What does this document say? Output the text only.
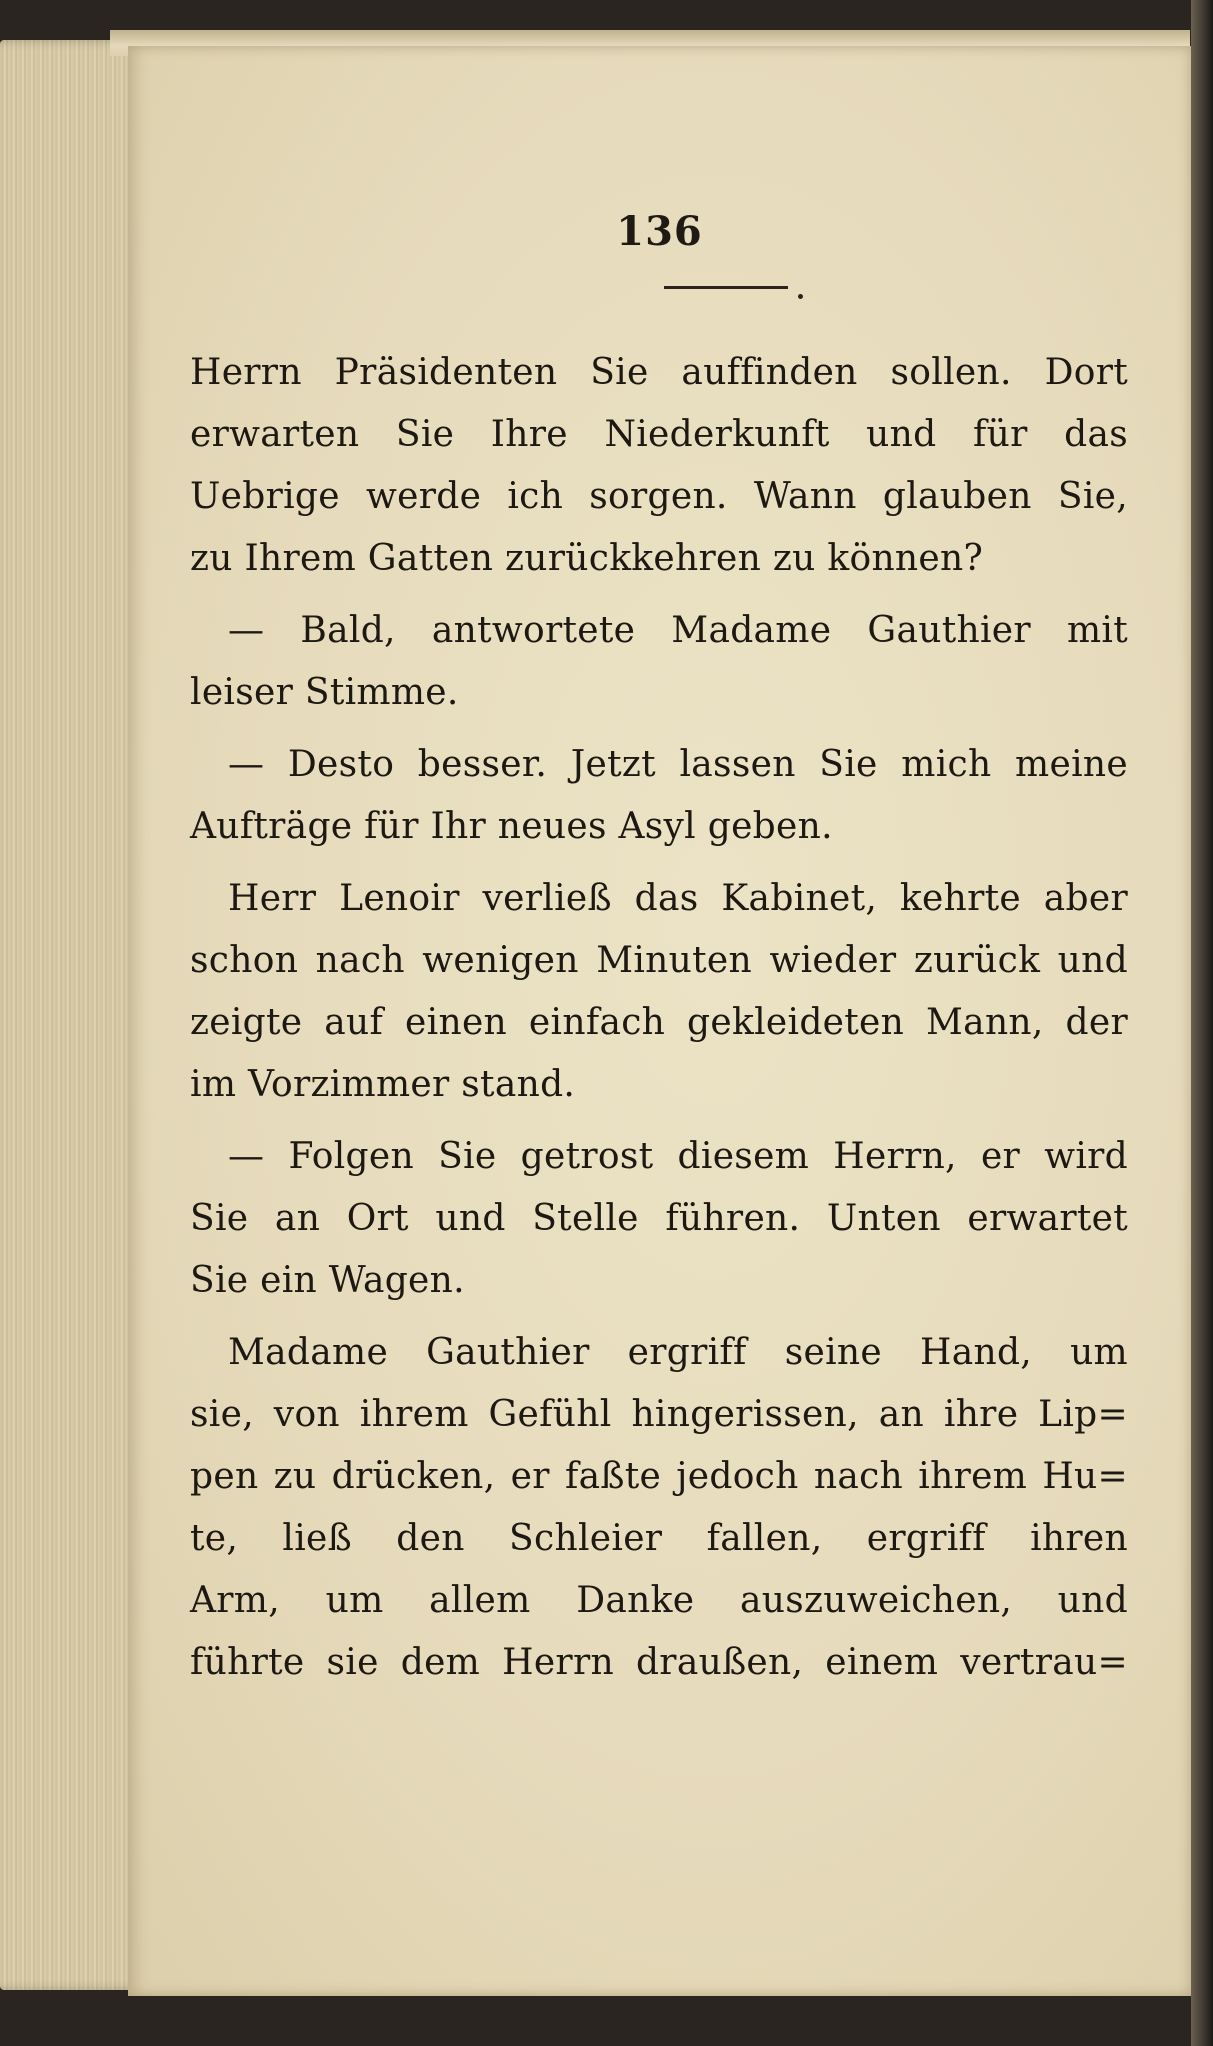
136
Herrn Präsidenten Sie auffinden sollen. Dort
erwarten Sie Ihre Niederkunft und für das
Uebrige werde ich sorgen. Wann glauben Sie,
zu Ihrem Gatten zurückkehren zu können?
— Bald, antwortete Madame Gauthier mit
leiser Stimme.
— Desto besser. Jetzt lassen Sie mich meine
Aufträge für Ihr neues Asyl geben.
Herr Lenoir verließ das Kabinet, kehrte aber
schon nach wenigen Minuten wieder zurück und
zeigte auf einen einfach gekleideten Mann, der
im Vorzimmer stand.
— Folgen Sie getrost diesem Herrn, er wird
Sie an Ort und Stelle führen. Unten erwartet
Sie ein Wagen.
Madame Gauthier ergriff seine Hand, um
sie, von ihrem Gefühl hingerissen, an ihre Lip=
pen zu drücken, er faßte jedoch nach ihrem Hu=
te, ließ den Schleier fallen, ergriff ihren
Arm, um allem Danke auszuweichen, und
führte sie dem Herrn draußen, einem vertrau=
